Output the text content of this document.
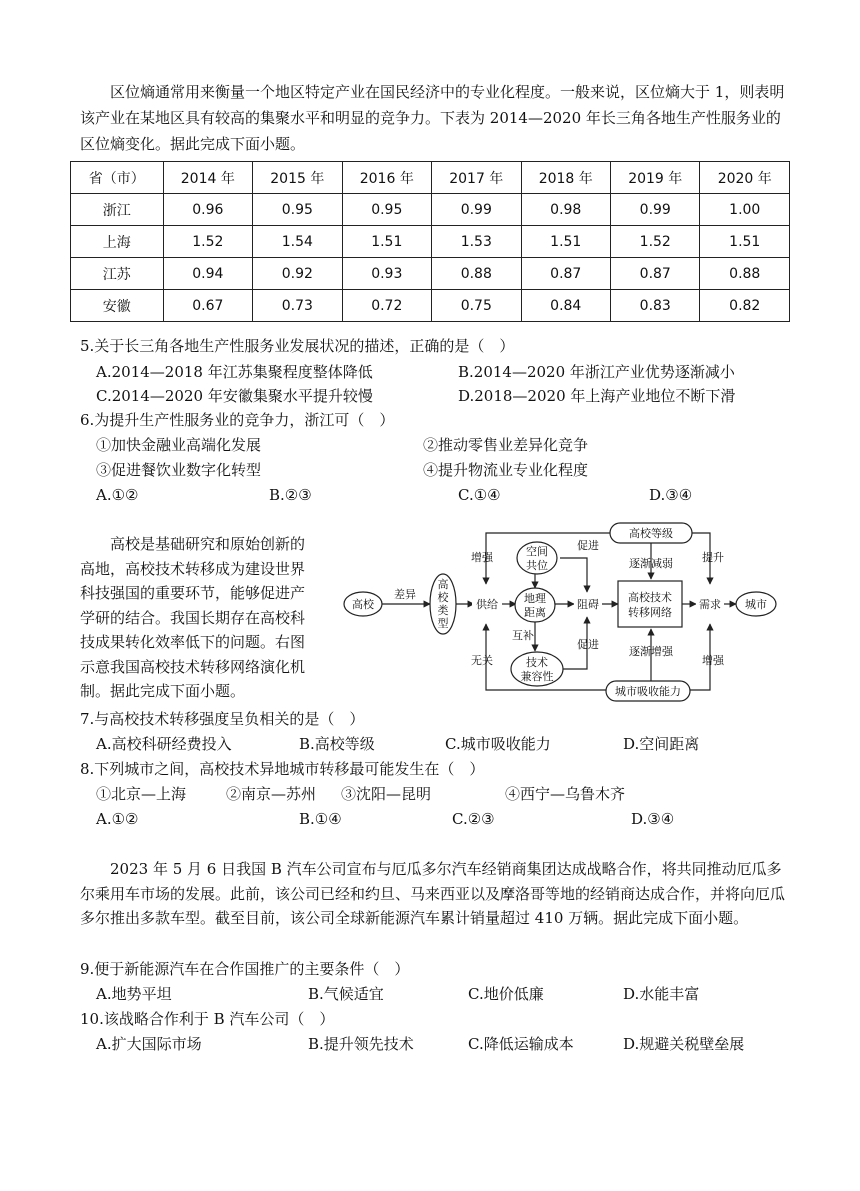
区位熵通常用来衡量一个地区特定产业在国民经济中的专业化程度。一般来说，区位熵大于 1，则表明该产业在某地区具有较高的集聚水平和明显的竞争力。下表为 2014—2020 年长三角各地生产性服务业的区位熵变化。据此完成下面小题。

省（市）	2014 年	2015 年	2016 年	2017 年	2018 年	2019 年	2020 年
浙江	0.96	0.95	0.95	0.99	0.98	0.99	1.00
上海	1.52	1.54	1.51	1.53	1.51	1.52	1.51
江苏	0.94	0.92	0.93	0.88	0.87	0.87	0.88
安徽	0.67	0.73	0.72	0.75	0.84	0.83	0.82
5.关于长三角各地生产性服务业发展状况的描述，正确的是（　）
A.2014—2018 年江苏集聚程度整体降低	B.2014—2020 年浙江产业优势逐渐减小
C.2014—2020 年安徽集聚水平提升较慢	D.2018—2020 年上海产业地位不断下滑
6.为提升生产性服务业的竞争力，浙江可（　）
①加快金融业高端化发展	②推动零售业差异化竞争
③促进餐饮业数字化转型	④提升物流业专业化程度
A.①②	B.②③	C.①④	D.③④
高校是基础研究和原始创新的
高地，高校技术转移成为建设世界
科技强国的重要环节，能够促进产
学研的结合。我国长期存在高校科
技成果转化效率低下的问题。右图
示意我国高校技术转移网络演化机
制。据此完成下面小题。
高校
差异
高
校
类
型
供给
增强
无关
空间
共位
地理
距离
互补
技术
兼容性
促进
促进
阻碍
高校等级
逐渐减弱
逐渐增强
高校技术
转移网络
需求 城市
提升
增强
城市吸收能力
7.与高校技术转移强度呈负相关的是（　）
A.高校科研经费投入	B.高校等级	C.城市吸收能力	D.空间距离
8.下列城市之间，高校技术异地城市转移最可能发生在（　）
①北京—上海	②南京—苏州 ③沈阳—昆明	④西宁—乌鲁木齐
A.①②	B.①④	C.②③	D.③④

2023 年 5 月 6 日我国 B 汽车公司宣布与厄瓜多尔汽车经销商集团达成战略合作，将共同推动厄瓜多尔乘用车市场的发展。此前，该公司已经和约旦、马来西亚以及摩洛哥等地的经销商达成合作，并将向厄瓜多尔推出多款车型。截至目前，该公司全球新能源汽车累计销量超过 410 万辆。据此完成下面小题。

9.便于新能源汽车在合作国推广的主要条件（　）
A.地势平坦	B.气候适宜	C.地价低廉	D.水能丰富
10.该战略合作利于 B 汽车公司（　）
A.扩大国际市场	B.提升领先技术	C.降低运输成本	D.规避关税壁垒展
